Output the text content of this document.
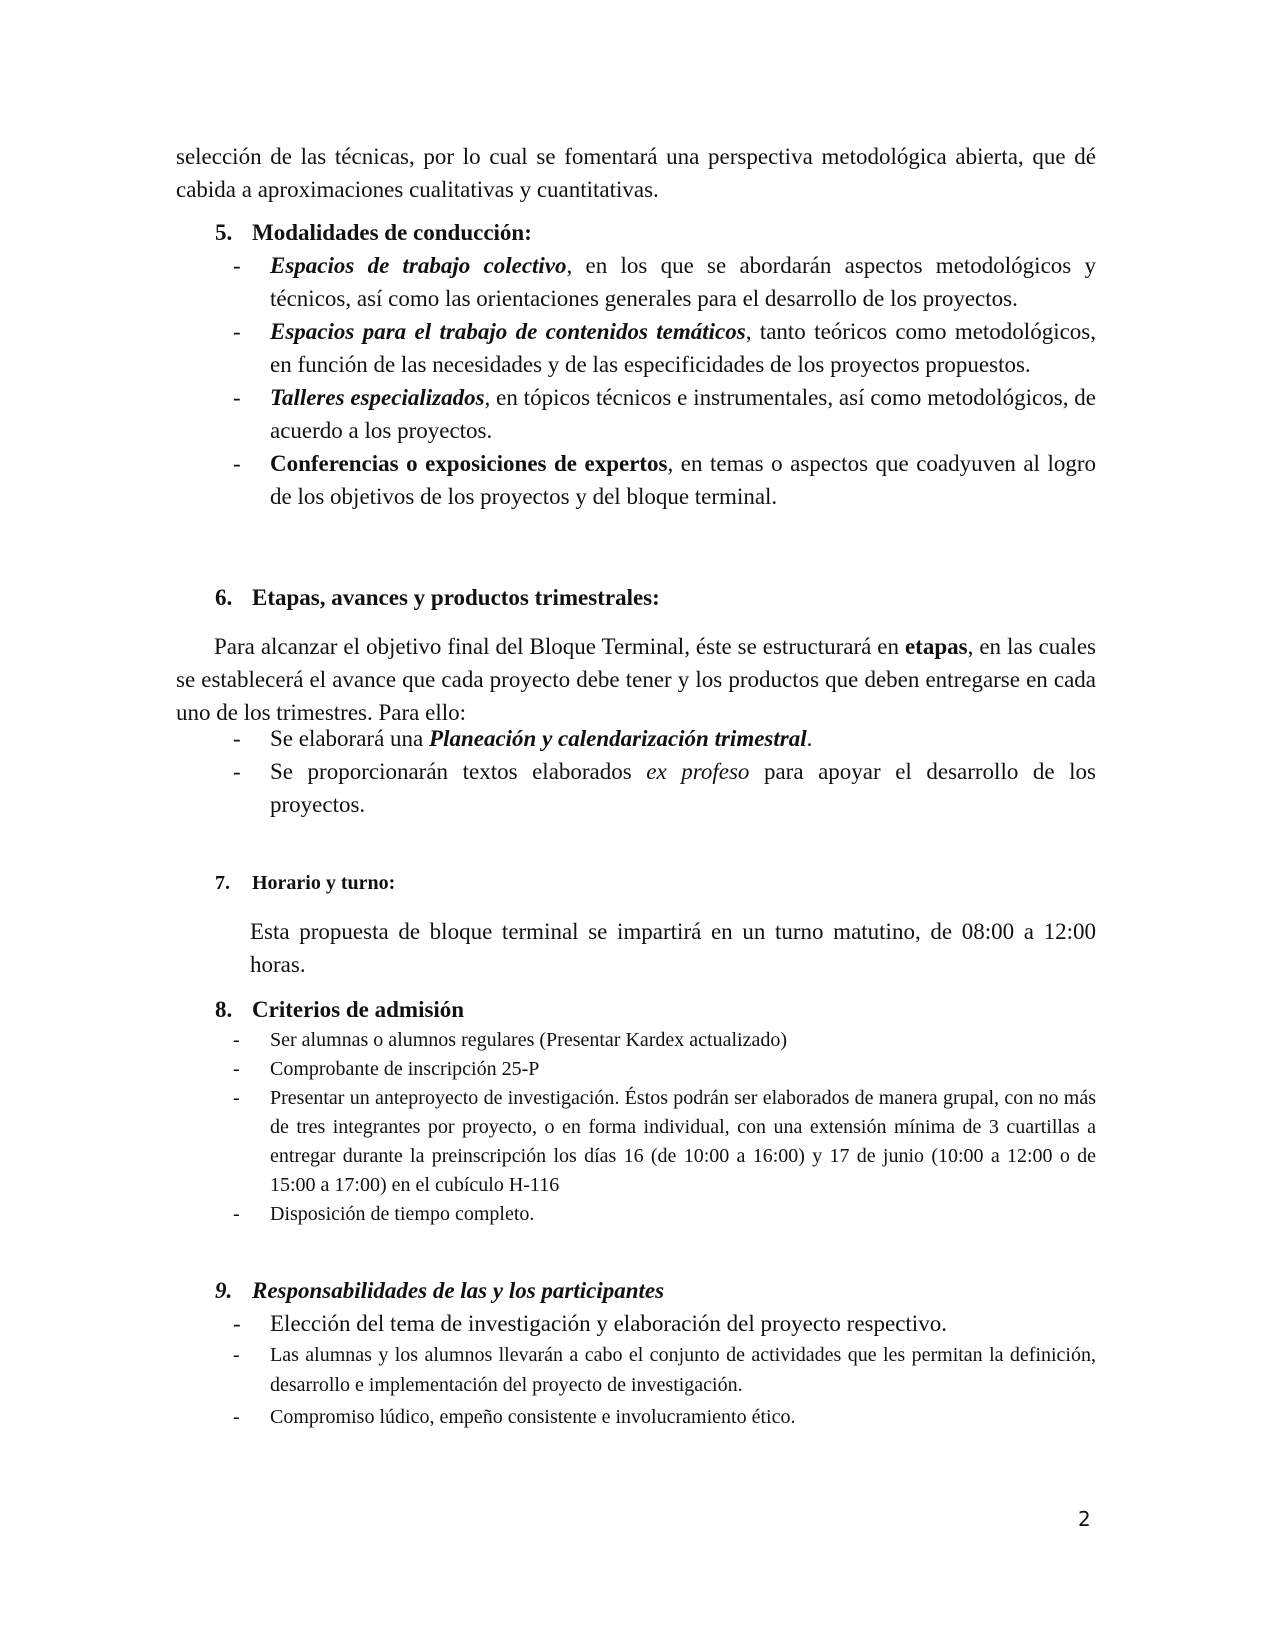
selección de las técnicas, por lo cual se fomentará una perspectiva metodológica abierta, que dé cabida a aproximaciones cualitativas y cuantitativas.

5. Modalidades de conducción:
- Espacios de trabajo colectivo, en los que se abordarán aspectos metodológicos y técnicos, así como las orientaciones generales para el desarrollo de los proyectos.
- Espacios para el trabajo de contenidos temáticos, tanto teóricos como metodológicos, en función de las necesidades y de las especificidades de los proyectos propuestos.
- Talleres especializados, en tópicos técnicos e instrumentales, así como metodológicos, de acuerdo a los proyectos.
- Conferencias o exposiciones de expertos, en temas o aspectos que coadyuven al logro de los objetivos de los proyectos y del bloque terminal.
6. Etapas, avances y productos trimestrales:

Para alcanzar el objetivo final del Bloque Terminal, éste se estructurará en etapas, en las cuales se establecerá el avance que cada proyecto debe tener y los productos que deben entregarse en cada uno de los trimestres. Para ello:

- Se elaborará una Planeación y calendarización trimestral.
- Se proporcionarán textos elaborados ex profeso para apoyar el desarrollo de los proyectos.
7. Horario y turno:

Esta propuesta de bloque terminal se impartirá en un turno matutino, de 08:00 a 12:00 horas.

8. Criterios de admisión
- Ser alumnas o alumnos regulares (Presentar Kardex actualizado)
- Comprobante de inscripción 25-P
- Presentar un anteproyecto de investigación. Éstos podrán ser elaborados de manera grupal, con no más de tres integrantes por proyecto, o en forma individual, con una extensión mínima de 3 cuartillas a entregar durante la preinscripción los días 16 (de 10:00 a 16:00) y 17 de junio (10:00 a 12:00 o de 15:00 a 17:00) en el cubículo H-116
- Disposición de tiempo completo.
9. Responsabilidades de las y los participantes
- Elección del tema de investigación y elaboración del proyecto respectivo.
- Las alumnas y los alumnos llevarán a cabo el conjunto de actividades que les permitan la definición, desarrollo e implementación del proyecto de investigación.
- Compromiso lúdico, empeño consistente e involucramiento ético.
2
